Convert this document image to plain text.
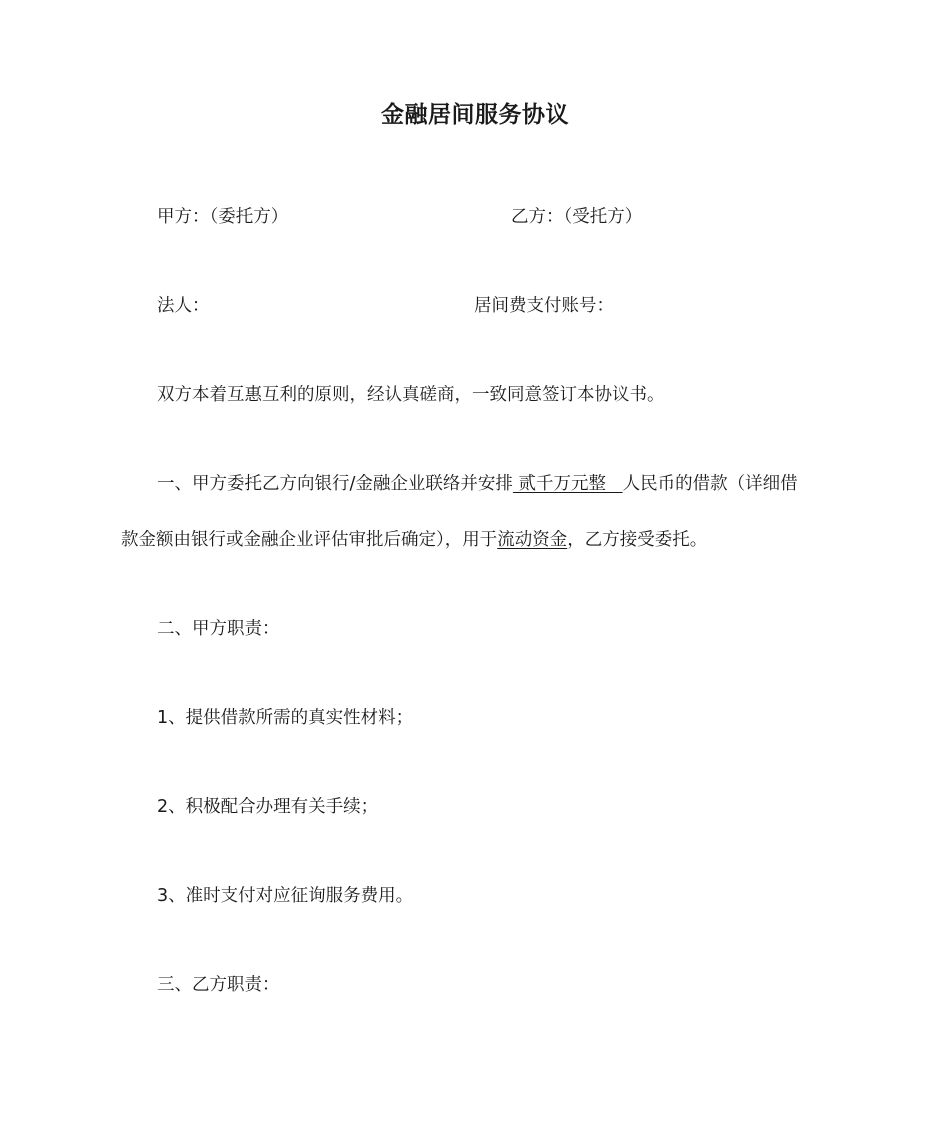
金融居间服务协议
甲方：（委托方）	乙方：（受托方）
法人：	居间费支付账号：
双方本着互惠互利的原则，经认真磋商，一致同意签订本协议书。
一、甲方委托乙方向银行/金融企业联络并安排 贰千万元整   人民币的借款（详细借
款金额由银行或金融企业评估审批后确定），用于流动资金，乙方接受委托。
二、甲方职责：
1、提供借款所需的真实性材料；
2、积极配合办理有关手续；
3、准时支付对应征询服务费用。
三、乙方职责：
